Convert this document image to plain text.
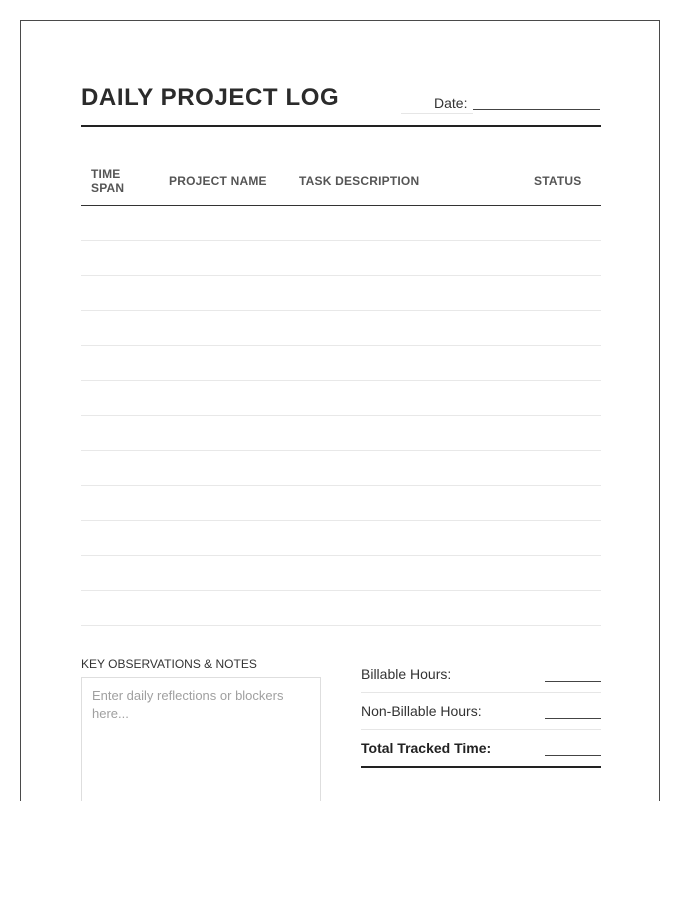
DAILY PROJECT LOG	Date:
TIME
SPAN	PROJECT NAME	TASK DESCRIPTION	STATUS
KEY OBSERVATIONS & NOTES
Enter daily reflections or blockers here...
Billable Hours:
Non-Billable Hours:
Total Tracked Time:
